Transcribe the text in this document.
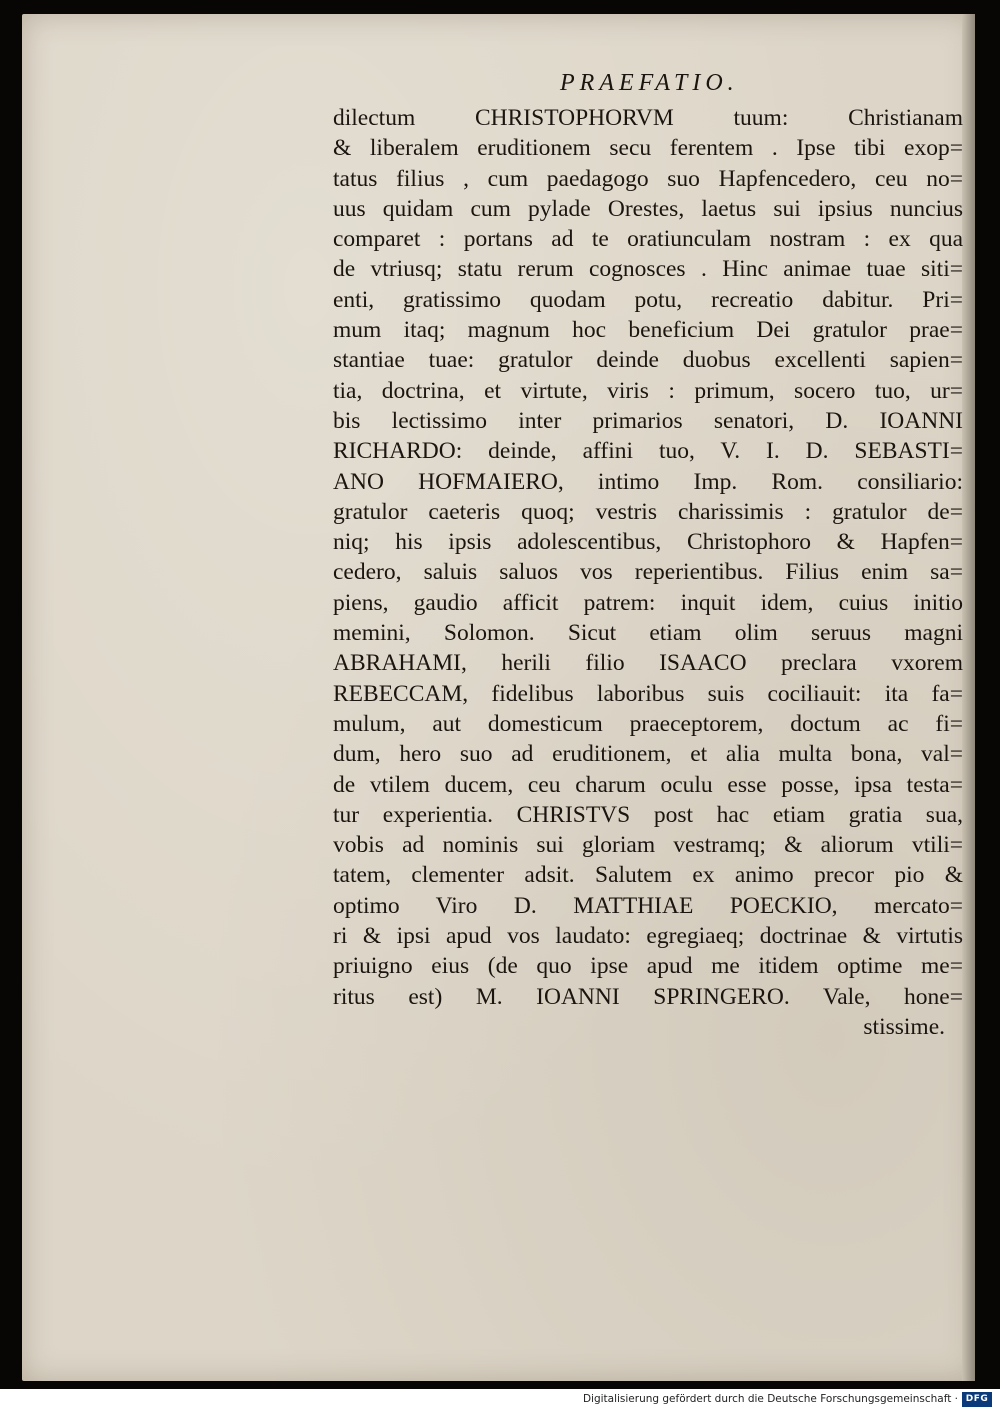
PRAEFATIO.
dilectum CHRISTOPHORVM tuum: Christianam
& liberalem eruditionem secu ferentem . Ipse tibi exop=
tatus filius , cum paedagogo suo Hapfencedero, ceu no=
uus quidam cum pylade Orestes, laetus sui ipsius nuncius
comparet : portans ad te oratiunculam nostram : ex qua
de vtriusq; statu rerum cognosces . Hinc animae tuae siti=
enti, gratissimo quodam potu, recreatio dabitur. Pri=
mum itaq; magnum hoc beneficium Dei gratulor prae=
stantiae tuae: gratulor deinde duobus excellenti sapien=
tia, doctrina, et virtute, viris : primum, socero tuo, ur=
bis lectissimo inter primarios senatori, D. IOANNI
RICHARDO: deinde, affini tuo, V. I. D. SEBASTI=
ANO HOFMAIERO, intimo Imp. Rom. consiliario:
gratulor caeteris quoq; vestris charissimis : gratulor de=
niq; his ipsis adolescentibus, Christophoro & Hapfen=
cedero, saluis saluos vos reperientibus. Filius enim sa=
piens, gaudio afficit patrem: inquit idem, cuius initio
memini, Solomon. Sicut etiam olim seruus magni
ABRAHAMI, herili filio ISAACO preclara vxorem
REBECCAM, fidelibus laboribus suis cociliauit: ita fa=
mulum, aut domesticum praeceptorem, doctum ac fi=
dum, hero suo ad eruditionem, et alia multa bona, val=
de vtilem ducem, ceu charum oculu esse posse, ipsa testa=
tur experientia. CHRISTVS post hac etiam gratia sua,
vobis ad nominis sui gloriam vestramq; & aliorum vtili=
tatem, clementer adsit. Salutem ex animo precor pio &
optimo Viro D. MATTHIAE POECKIO, mercato=
ri & ipsi apud vos laudato: egregiaeq; doctrinae & virtutis
priuigno eius (de quo ipse apud me itidem optime me=
ritus est) M. IOANNI SPRINGERO. Vale, hone=
stissime.
Digitalisierung gefördert durch die Deutsche Forschungsgemeinschaft · DFG
